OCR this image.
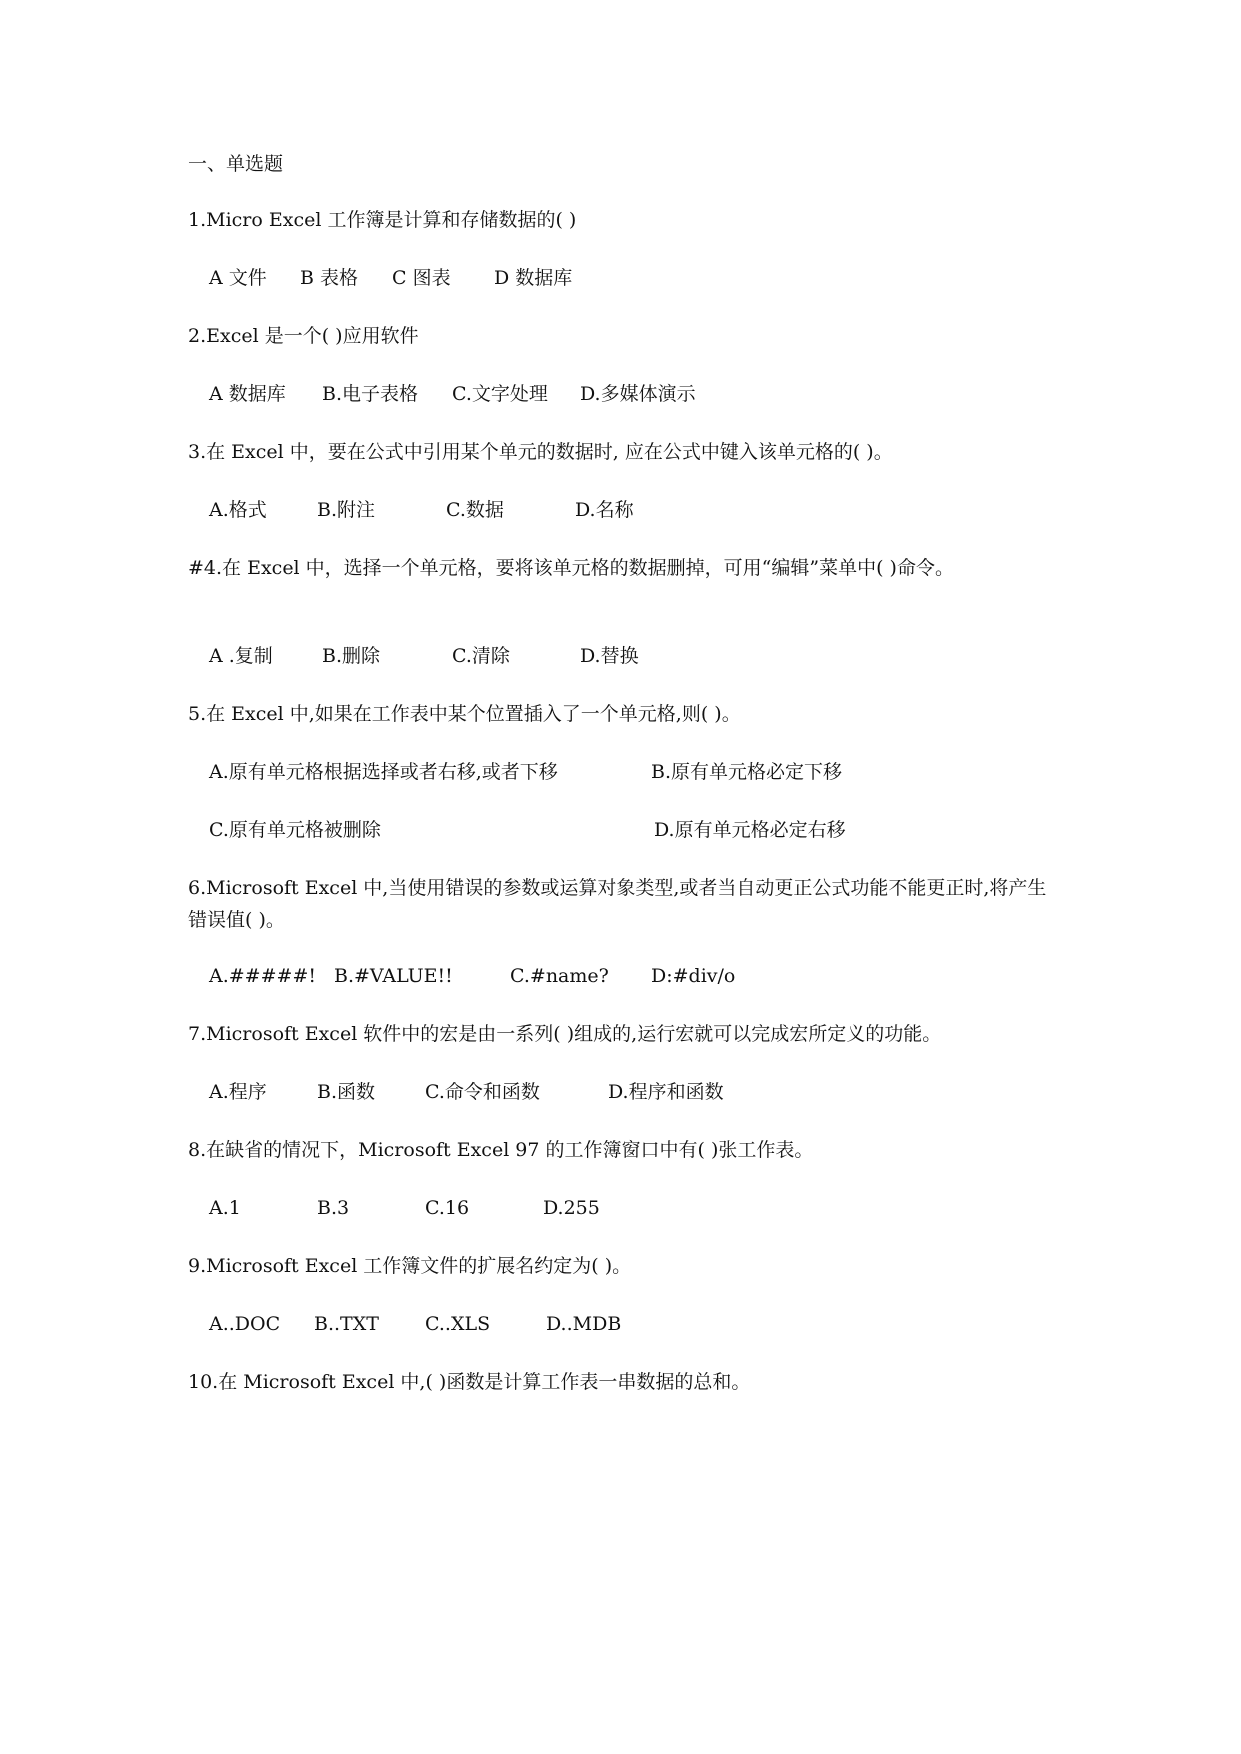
一、单选题
1.Micro Excel 工作簿是计算和存储数据的( )
A 文件 B 表格 C 图表 D 数据库
2.Excel 是一个( )应用软件
A 数据库 B.电子表格 C.文字处理 D.多媒体演示
3.在 Excel 中，要在公式中引用某个单元的数据时, 应在公式中键入该单元格的( )。
A.格式	B.附注	C.数据	D.名称
#4.在 Excel 中，选择一个单元格，要将该单元格的数据删掉，可用“编辑”菜单中( )命令。
A .复制	B.删除	C.清除	D.替换
5.在 Excel 中,如果在工作表中某个位置插入了一个单元格,则( )。
A.原有单元格根据选择或者右移,或者下移	B.原有单元格必定下移
C.原有单元格被删除	D.原有单元格必定右移
6.Microsoft Excel 中,当使用错误的参数或运算对象类型,或者当自动更正公式功能不能更正时,将产生错误值( )。
A.#####! B.#VALUE!!	C.#name? D:#div/o
7.Microsoft Excel 软件中的宏是由一系列( )组成的,运行宏就可以完成宏所定义的功能。
A.程序	B.函数	C.命令和函数	D.程序和函数
8.在缺省的情况下，Microsoft Excel 97 的工作簿窗口中有( )张工作表。
A.1	B.3	C.16	D.255
9.Microsoft Excel 工作簿文件的扩展名约定为( )。
A..DOC B..TXT C..XLS	D..MDB
10.在 Microsoft Excel 中,( )函数是计算工作表一串数据的总和。
